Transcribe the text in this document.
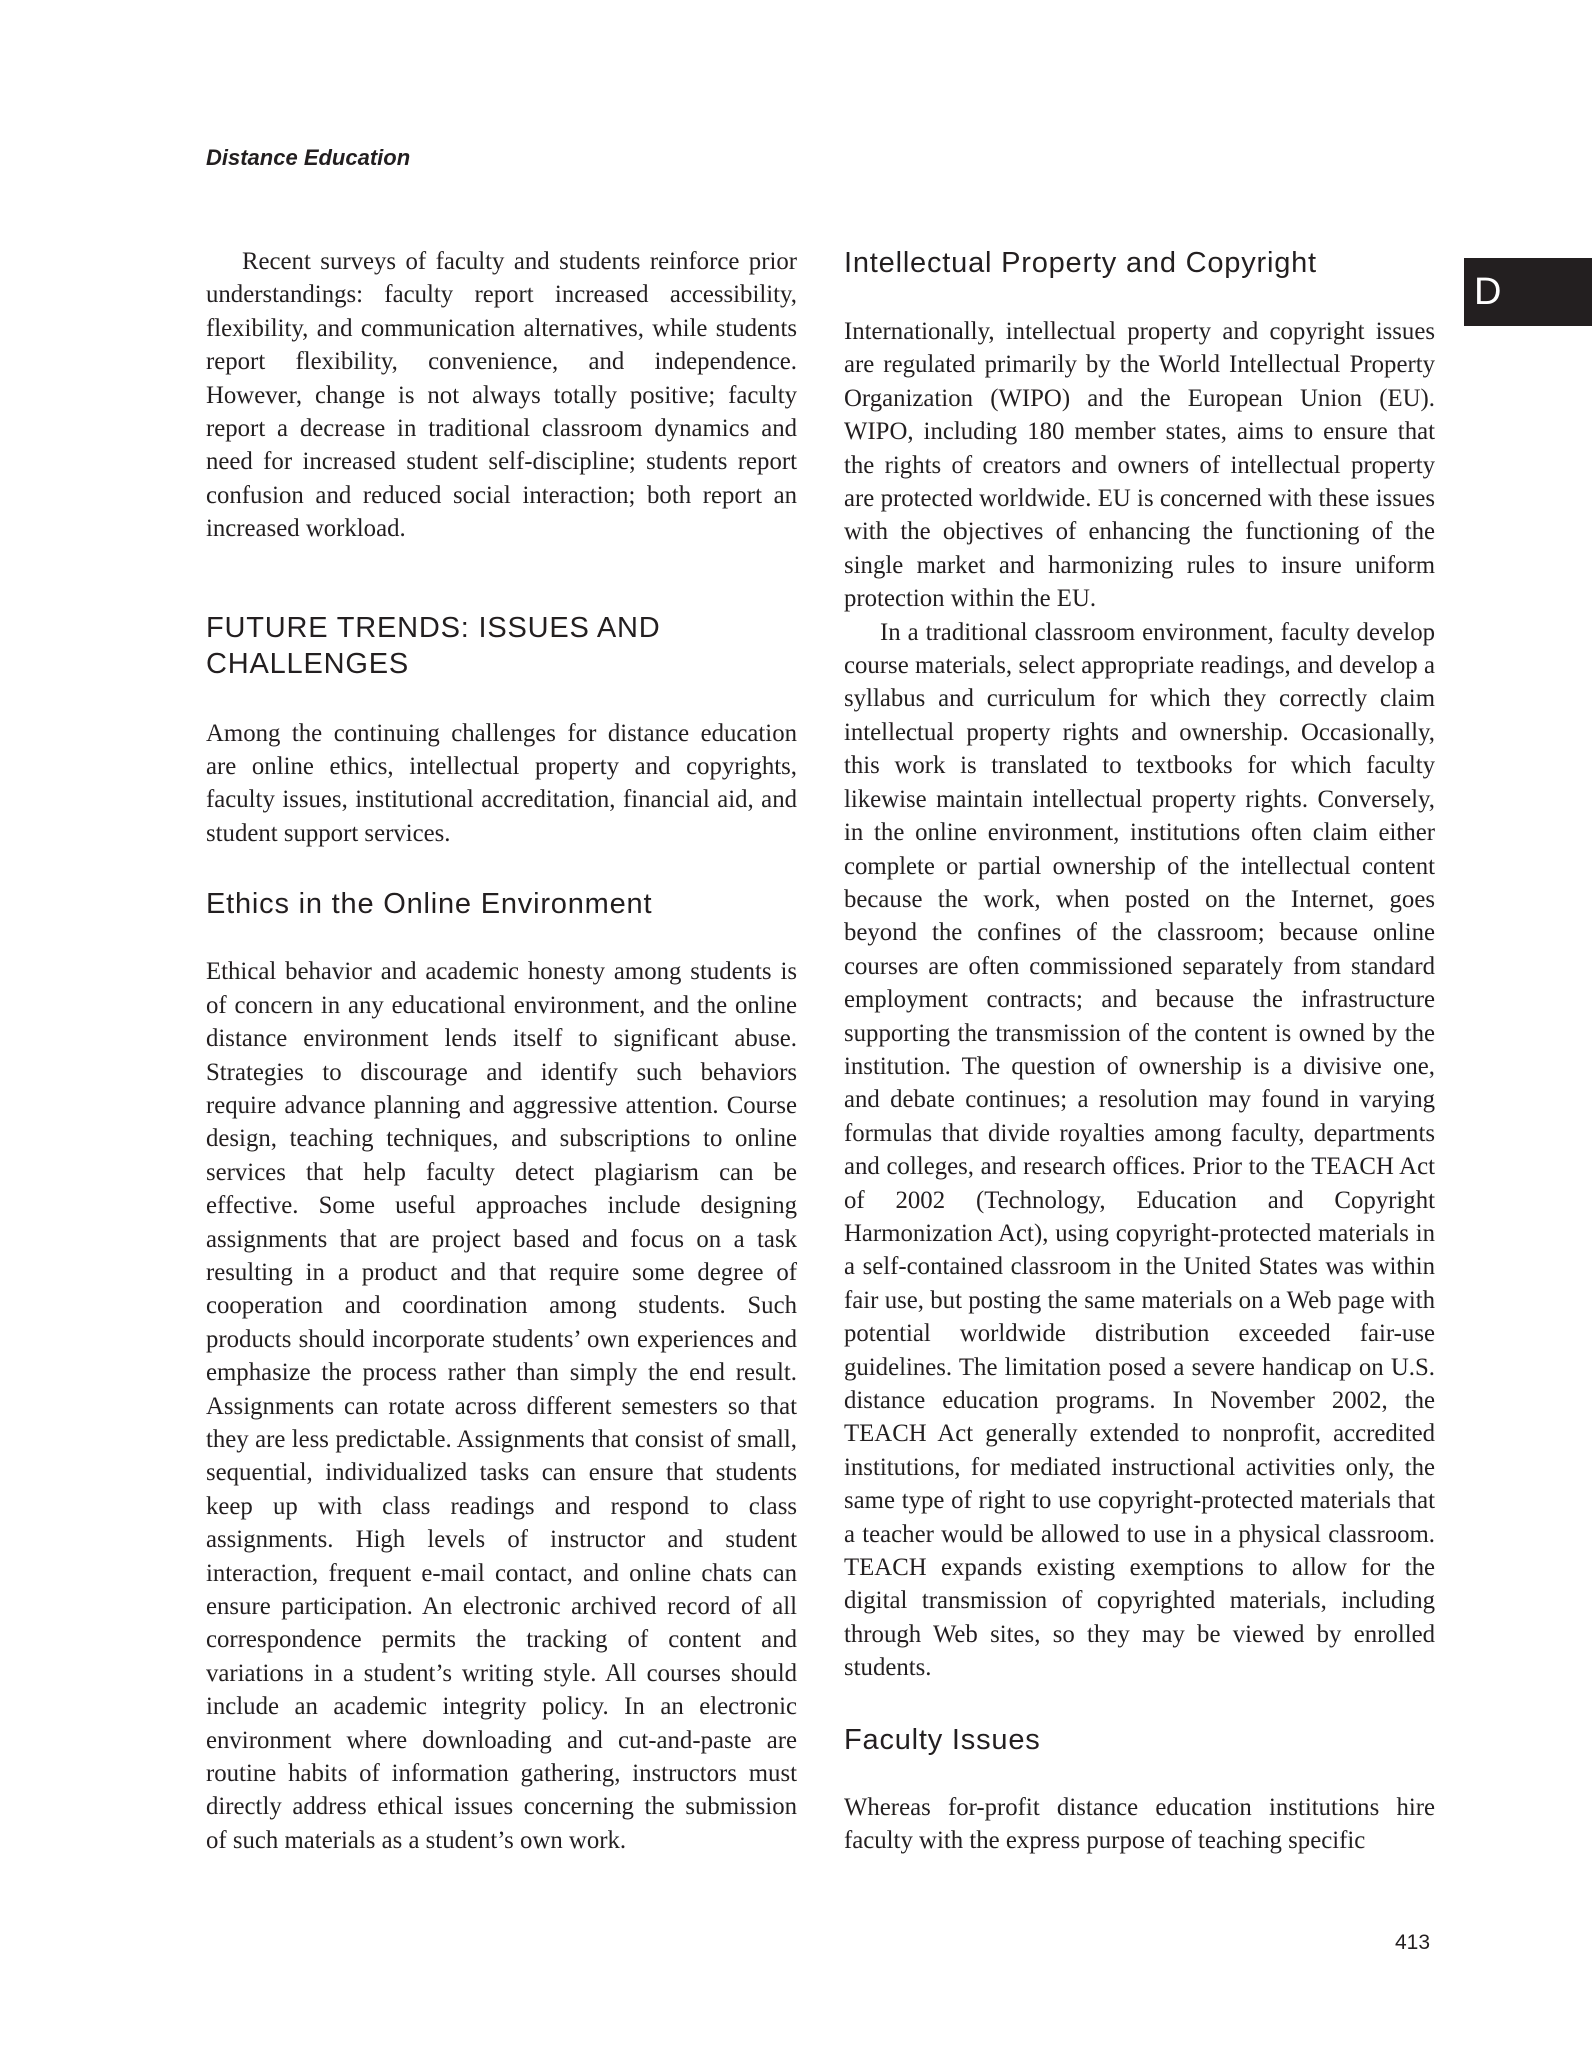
Distance Education

D

Recent surveys of faculty and students reinforce prior understandings: faculty report increased accessibility, flexibility, and communication alternatives, while students report flexibility, convenience, and independence. However, change is not always totally positive; faculty report a decrease in traditional classroom dynamics and need for increased student self-discipline; students report confusion and reduced social interaction; both report an increased workload.

FUTURE TRENDS: ISSUES AND CHALLENGES

Among the continuing challenges for distance education are online ethics, intellectual property and copyrights, faculty issues, institutional accreditation, financial aid, and student support services.

Ethics in the Online Environment

Ethical behavior and academic honesty among students is of concern in any educational environment, and the online distance environment lends itself to significant abuse. Strategies to discourage and identify such behaviors require advance planning and aggressive attention. Course design, teaching techniques, and subscriptions to online services that help faculty detect plagiarism can be effective. Some useful approaches include designing assignments that are project based and focus on a task resulting in a product and that require some degree of cooperation and coordination among students. Such products should incorporate students’ own experiences and emphasize the process rather than simply the end result. Assignments can rotate across different semesters so that they are less predictable. Assignments that consist of small, sequential, individualized tasks can ensure that students keep up with class readings and respond to class assignments. High levels of instructor and student interaction, frequent e-mail contact, and online chats can ensure participation. An electronic archived record of all correspondence permits the tracking of content and variations in a student’s writing style. All courses should include an academic integrity policy. In an electronic environment where downloading and cut-and-paste are routine habits of information gathering, instructors must directly address ethical issues concerning the submission of such materials as a student’s own work.

Intellectual Property and Copyright

Internationally, intellectual property and copyright issues are regulated primarily by the World Intellectual Property Organization (WIPO) and the European Union (EU). WIPO, including 180 member states, aims to ensure that the rights of creators and owners of intellectual property are protected worldwide. EU is concerned with these issues with the objectives of enhancing the functioning of the single market and harmonizing rules to insure uniform protection within the EU.

In a traditional classroom environment, faculty develop course materials, select appropriate readings, and develop a syllabus and curriculum for which they correctly claim intellectual property rights and ownership. Occasionally, this work is translated to textbooks for which faculty likewise maintain intellectual property rights. Conversely, in the online environment, institutions often claim either complete or partial ownership of the intellectual content because the work, when posted on the Internet, goes beyond the confines of the classroom; because online courses are often commissioned separately from standard employment contracts; and because the infrastructure supporting the transmission of the content is owned by the institution. The question of ownership is a divisive one, and debate continues; a resolution may found in varying formulas that divide royalties among faculty, departments and colleges, and research offices. Prior to the TEACH Act of 2002 (Technology, Education and Copyright Harmonization Act), using copyright-protected materials in a self-contained classroom in the United States was within fair use, but posting the same materials on a Web page with potential worldwide distribution exceeded fair-use guidelines. The limitation posed a severe handicap on U.S. distance education programs. In November 2002, the TEACH Act generally extended to nonprofit, accredited institutions, for mediated instructional activities only, the same type of right to use copyright-protected materials that a teacher would be allowed to use in a physical classroom. TEACH expands existing exemptions to allow for the digital transmission of copyrighted materials, including through Web sites, so they may be viewed by enrolled students.

Faculty Issues

Whereas for-profit distance education institutions hire faculty with the express purpose of teaching specific

413
